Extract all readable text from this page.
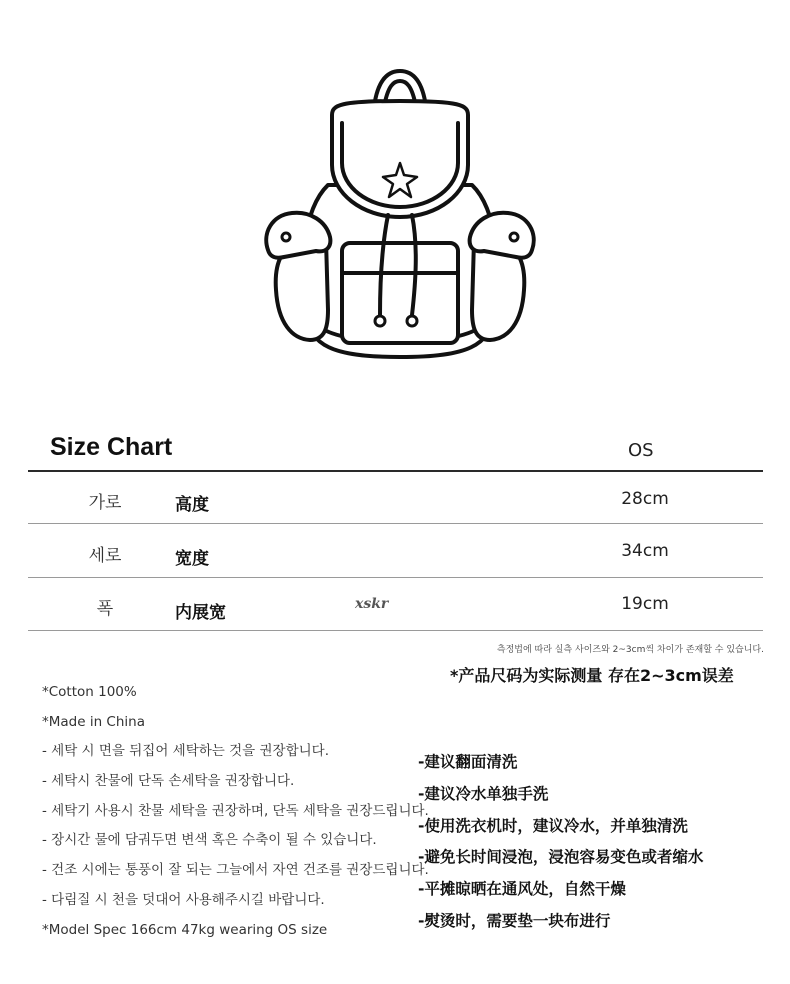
Size Chart	OS
가로	高度	28cm
세로	宽度	34cm
폭	内展宽	19cm
xskr
측정법에 따라 실측 사이즈와 2~3cm씩 차이가 존재할 수 있습니다.
*产品尺码为实际测量 存在2~3cm误差
*Cotton 100%
*Made in China
- 세탁 시 면을 뒤집어 세탁하는 것을 권장합니다.
- 세탁시 찬물에 단독 손세탁을 권장합니다.
- 세탁기 사용시 찬물 세탁을 권장하며, 단독 세탁을 권장드립니다.
- 장시간 물에 담궈두면 변색 혹은 수축이 될 수 있습니다.
- 건조 시에는 통풍이 잘 되는 그늘에서 자연 건조를 권장드립니다.
- 다림질 시 천을 덧대어 사용해주시길 바랍니다.
*Model Spec 166cm 47kg wearing OS size
-建议翻面清洗
-建议冷水单独手洗
-使用洗衣机时，建议冷水，并单独清洗
-避免长时间浸泡，浸泡容易变色或者缩水
-平摊晾晒在通风处，自然干燥
-熨烫时，需要垫一块布进行
